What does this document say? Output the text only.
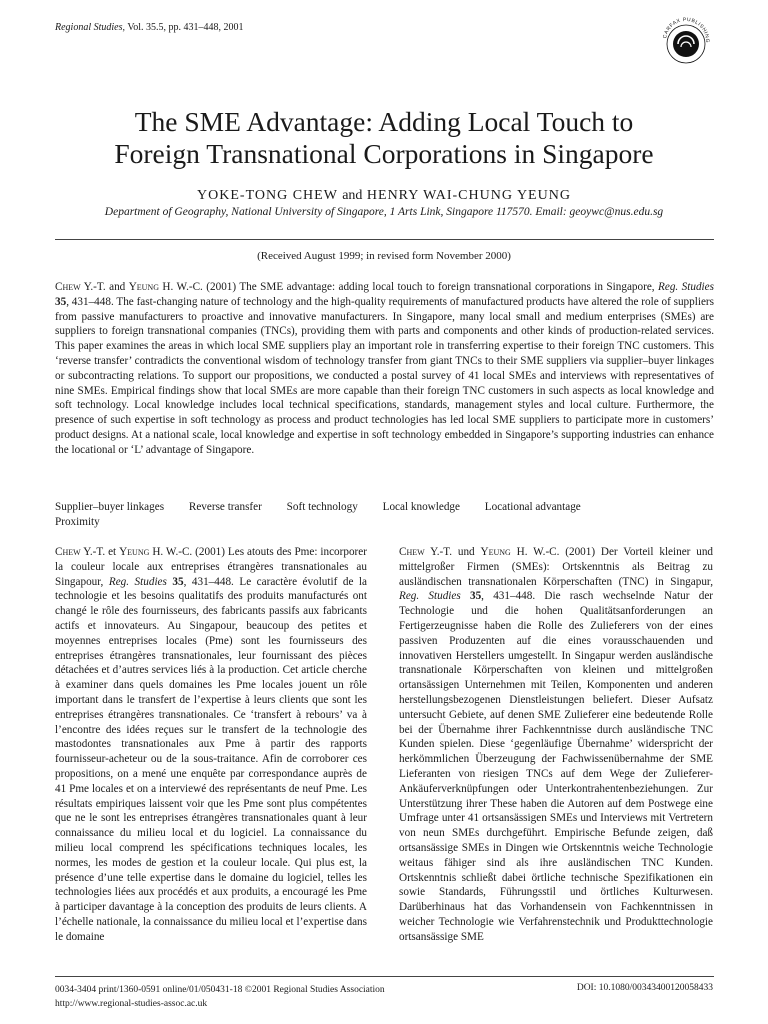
Regional Studies, Vol. 35.5, pp. 431–448, 2001
CARFAX PUBLISHING
The SME Advantage: Adding Local Touch to
Foreign Transnational Corporations in Singapore
YOKE-TONG CHEW and HENRY WAI-CHUNG YEUNG
Department of Geography, National University of Singapore, 1 Arts Link, Singapore 117570. Email: geoywc@nus.edu.sg
(Received August 1999; in revised form November 2000)

Chew Y.-T. and Yeung H. W.-C. (2001) The SME advantage: adding local touch to foreign transnational corporations in Singapore, Reg. Studies 35, 431–448. The fast-changing nature of technology and the high-quality requirements of manufactured products have altered the role of suppliers from passive manufacturers to proactive and innovative manufacturers. In Singapore, many local small and medium enterprises (SMEs) are suppliers to foreign transnational companies (TNCs), providing them with parts and components and other kinds of production-related services. This paper examines the areas in which local SME suppliers play an important role in transferring expertise to their foreign TNC customers. This ‘reverse transfer’ contradicts the conventional wisdom of technology transfer from giant TNCs to their SME suppliers via supplier–buyer linkages or subcontracting relations. To support our propositions, we conducted a postal survey of 41 local SMEs and interviews with representatives of nine SMEs. Empirical findings show that local SMEs are more capable than their foreign TNC customers in such aspects as local knowledge and soft technology. Local knowledge includes local technical specifications, standards, management styles and local culture. Furthermore, the presence of such expertise in soft technology as process and product technologies has led local SME suppliers to participate more in customers’ product designs. At a national scale, local knowledge and expertise in soft technology embedded in Singapore’s supporting industries can enhance the locational or ‘L’ advantage of Singapore.

Supplier–buyer linkages Reverse transfer Soft technology Local knowledge Locational advantage
Proximity

Chew Y.-T. et Yeung H. W.-C. (2001) Les atouts des Pme: incorporer la couleur locale aux entreprises étrangères transnationales au Singapour, Reg. Studies 35, 431–448. Le caractère évolutif de la technologie et les besoins qualitatifs des produits manufacturés ont changé le rôle des fournisseurs, des fabricants passifs aux fabricants actifs et innovateurs. Au Singapour, beaucoup des petites et moyennes entreprises locales (Pme) sont les fournisseurs des entreprises étrangères transnationales, leur fournissant des pièces détachées et d’autres services liés à la production. Cet article cherche à examiner dans quels domaines les Pme locales jouent un rôle important dans le transfert de l’expertise à leurs clients que sont les entreprises étrangères transnationales. Ce ‘transfert à rebours’ va à l’encontre des idées reçues sur le transfert de la technologie des mastodontes transnationales aux Pme à partir des rapports fournisseur-acheteur ou de la sous-traitance. Afin de corroborer ces propositions, on a mené une enquête par correspondance auprès de 41 Pme locales et on a interviewé des représentants de neuf Pme. Les résultats empiriques laissent voir que les Pme sont plus compétentes que ne le sont les entreprises étrangères transnationales quant à leur connaissance du milieu local et du logiciel. La connaissance du milieu local comprend les spécifications techniques locales, les normes, les modes de gestion et la couleur locale. Qui plus est, la présence d’une telle expertise dans le domaine du logiciel, telles les technologies liées aux procédés et aux produits, a encouragé les Pme à participer davantage à la conception des produits de leurs clients. A l’échelle nationale, la connaissance du milieu local et l’expertise dans le domaine

Chew Y.-T. und Yeung H. W.-C. (2001) Der Vorteil kleiner und mittelgroßer Firmen (SMEs): Ortskenntnis als Beitrag zu ausländischen transnationalen Körperschaften (TNC) in Singapur, Reg. Studies 35, 431–448. Die rasch wechselnde Natur der Technologie und die hohen Qualitätsanforderungen an Fertigerzeugnisse haben die Rolle des Zulieferers von der eines passiven Produzenten auf die eines vorausschauenden und innovativen Herstellers umgestellt. In Singapur werden ausländische transnationale Körperschaften von kleinen und mittelgroßen ortansässigen Unternehmen mit Teilen, Komponenten und anderen herstellungsbezogenen Dienstleistungen beliefert. Dieser Aufsatz untersucht Gebiete, auf denen SME Zulieferer eine bedeutende Rolle bei der Übernahme ihrer Fachkenntnisse durch ausländische TNC Kunden spielen. Diese ‘gegenläufige Übernahme’ widerspricht der herkömmlichen Überzeugung der Fachwissenübernahme der SME Lieferanten von riesigen TNCs auf dem Wege der Zulieferer-Ankäuferverknüpfungen oder Unterkontrahentenbeziehungen. Zur Unterstützung ihrer These haben die Autoren auf dem Postwege eine Umfrage unter 41 ortsansässigen SMEs und Interviews mit Vertretern von neun SMEs durchgeführt. Empirische Befunde zeigen, daß ortsansässige SMEs in Dingen wie Ortskenntnis weiche Technologie weitaus fähiger sind als ihre ausländischen TNC Kunden. Ortskenntnis schließt dabei örtliche technische Spezifikationen ein sowie Standards, Führungsstil und örtliches Kulturwesen. Darüberhinaus hat das Vorhandensein von Fachkenntnissen in weicher Technologie wie Verfahrenstechnik und Produkttechnologie ortsansässige SME

0034-3404 print/1360-0591 online/01/050431-18 ©2001 Regional Studies Association
http://www.regional-studies-assoc.ac.uk
DOI: 10.1080/00343400120058433
